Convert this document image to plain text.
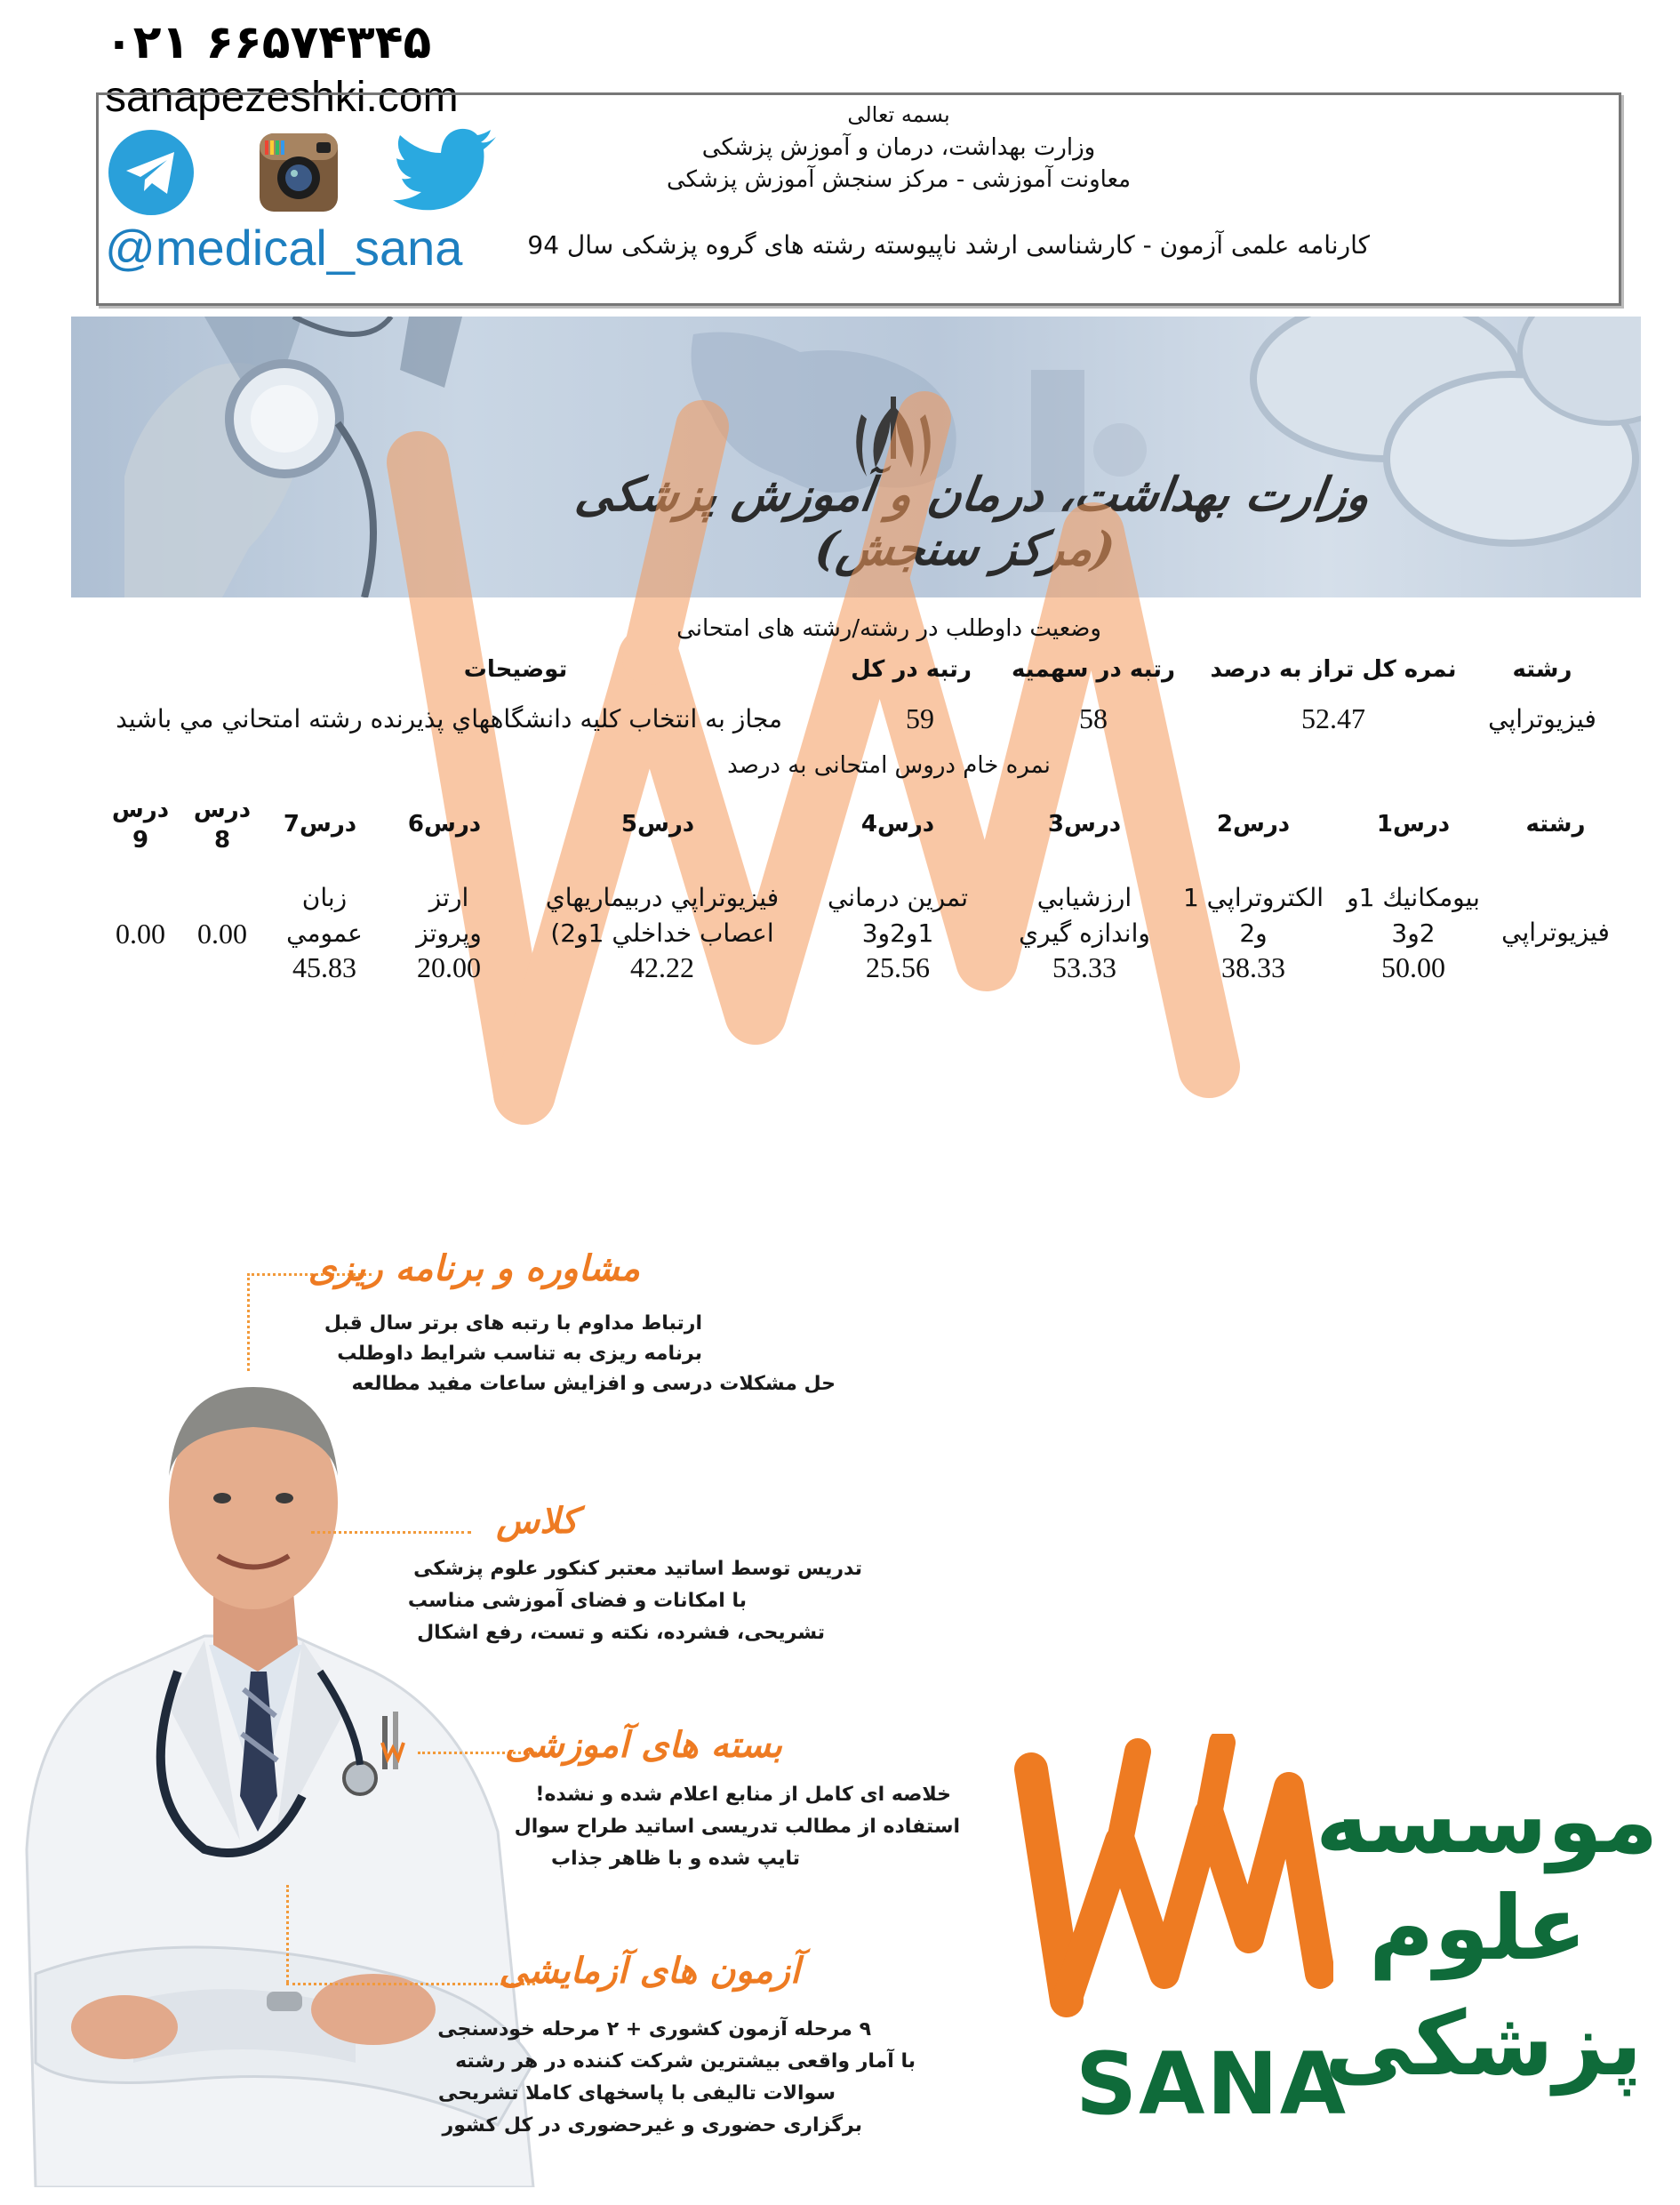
٠٢١ ۶۶۵۷۴۳۴۵
sanapezeshki.com
@medical_sana
بسمه تعالی
وزارت بهداشت، درمان و آموزش پزشکی
معاونت آموزشی - مرکز سنجش آموزش پزشکی
کارنامه علمی آزمون - کارشناسی ارشد ناپیوسته رشته های گروه پزشکی سال 94
وزارت بهداشت، درمان و آموزش پزشکی (مرکز سنجش)
وضعیت داوطلب در رشته/رشته های امتحانی
رشته
نمره کل تراز به درصد
رتبه در سهمیه
رتبه در کل
توضیحات
فيزيوتراپي
52.47
58
59
مجاز به انتخاب کلیه دانشگاههاي پذیرنده رشته امتحاني مي باشید
نمره خام دروس امتحانی به درصد
رشته
درس1
درس2
درس3
درس4
درس5
درس6
درس7
درس
8
درس
9
فيزيوتراپي
بيومکانيك 1و
2و3
الکتروتراپي 1
و2
ارزشيابي
واندازه گيري
تمرين درماني
1و2و3
فيزيوتراپي دربيماريهاي
اعصاب خداخلي 1و2)
ارتز
وپروتز
زبان
عمومي
0.00
0.00
50.00
38.33
53.33
25.56
42.22
20.00
45.83
مشاوره و برنامه ریزی
ارتباط مداوم با رتبه های برتر سال قبل
برنامه ریزی به تناسب شرایط داوطلب
حل مشکلات درسی و افزایش ساعات مفید مطالعه
کلاس
تدریس توسط اساتید معتبر کنکور علوم پزشکی
با امکانات و فضای آموزشی مناسب
تشریحی، فشرده، نکته و تست، رفع اشکال
بسته های آموزشی
خلاصه ای کامل از منابع اعلام شده و نشده!
استفاده از مطالب تدریسی اساتید طراح سوال
تایپ شده و با ظاهر جذاب
آزمون های آزمایشی
۹ مرحله آزمون کشوری + ۲ مرحله خودسنجی
با آمار واقعی بیشترین شرکت کننده در هر رشته
سوالات تالیفی با پاسخهای کاملا تشریحی
برگزاری حضوری و غیرحضوری در کل کشور
موسسه
علوم
پزشکی
SANA
